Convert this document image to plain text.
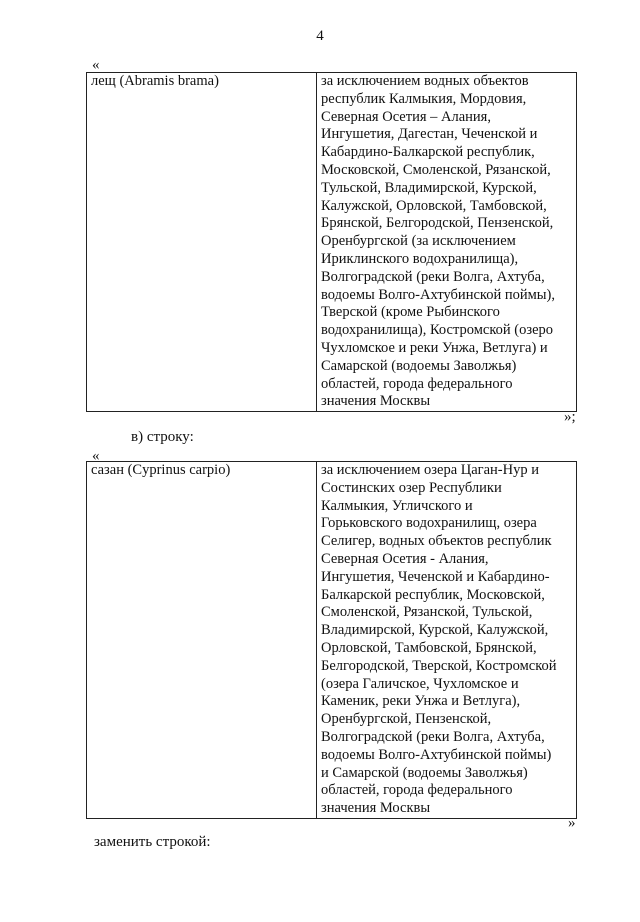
4
«
лещ (Abramis brama)	за исключением водных объектов
республик Калмыкия, Мордовия,
Северная Осетия – Алания,
Ингушетия, Дагестан, Чеченской и
Кабардино-Балкарской республик,
Московской, Смоленской, Рязанской,
Тульской, Владимирской, Курской,
Калужской, Орловской, Тамбовской,
Брянской, Белгородской, Пензенской,
Оренбургской (за исключением
Ириклинского водохранилища),
Волгоградской (реки Волга, Ахтуба,
водоемы Волго-Ахтубинской поймы),
Тверской (кроме Рыбинского
водохранилища), Костромской (озеро
Чухломское и реки Унжа, Ветлуга) и
Самарской (водоемы Заволжья)
областей, города федерального
значения Москвы
»;
в) строку:
«
сазан (Cyprinus carpio)	за исключением озера Цаган-Нур и
Состинских озер Республики
Калмыкия, Угличского и
Горьковского водохранилищ, озера
Селигер, водных объектов республик
Северная Осетия - Алания,
Ингушетия, Чеченской и Кабардино-
Балкарской республик, Московской,
Смоленской, Рязанской, Тульской,
Владимирской, Курской, Калужской,
Орловской, Тамбовской, Брянской,
Белгородской, Тверской, Костромской
(озера Галичское, Чухломское и
Каменик, реки Унжа и Ветлуга),
Оренбургской, Пензенской,
Волгоградской (реки Волга, Ахтуба,
водоемы Волго-Ахтубинской поймы)
и Самарской (водоемы Заволжья)
областей, города федерального
значения Москвы
»
заменить строкой:
